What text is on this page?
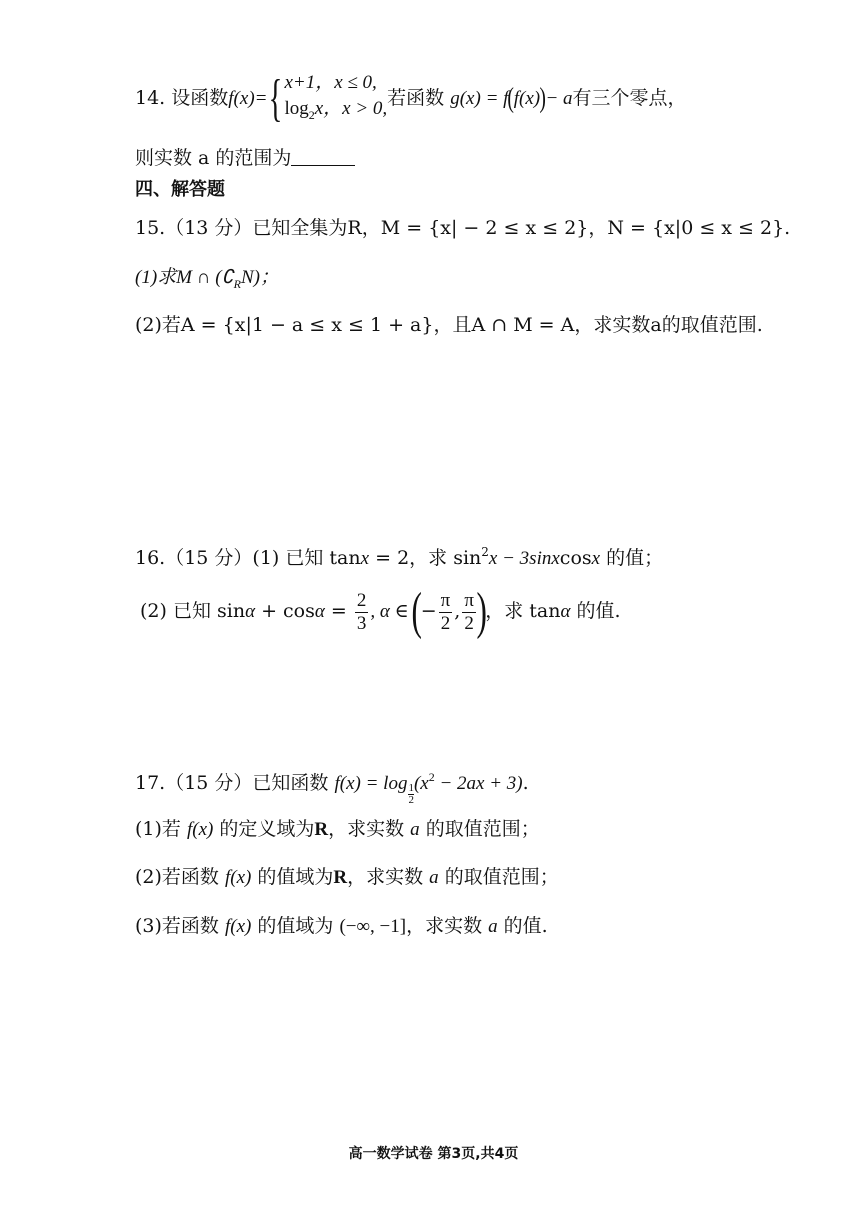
14. 设函数f(x)={ x+1，x ≤ 0,
$\log_2x$，x > 0, 若函数 g(x) = f(f(x))− a有三个零点，
则实数 a 的范围为
四、解答题
15.（13 分）已知全集为R，M = {x| − 2 ≤ x ≤ 2}，N = {x|0 ≤ x ≤ 2}.
(1)求M ∩ $(∁_RN)$；
(2)若A = {x|1 − a ≤ x ≤ 1 + a}，且A ∩ M = A，求实数a的取值范围.
16.（15 分）(1) 已知 tanx = 2，求 $\sin^2x$ − 3sinxcosx 的值；
(2) 已知 $\sin\alpha + \cos\alpha = \frac{2}{3}$ , α ∈ (− $\frac{\pi}{2}$ , $\frac{\pi}{2}$ )，求 tanα 的值.
17.（15 分）已知函数 $f(x) = \log \frac{1}{2} (x^2 - 2ax + 3)$.
(1)若 f(x) 的定义域为R，求实数 a 的取值范围；
(2)若函数 f(x) 的值域为R，求实数 a 的取值范围；
(3)若函数 f(x) 的值域为 (−∞, −1]，求实数 a 的值.
高一数学试卷 第3页,共4页
